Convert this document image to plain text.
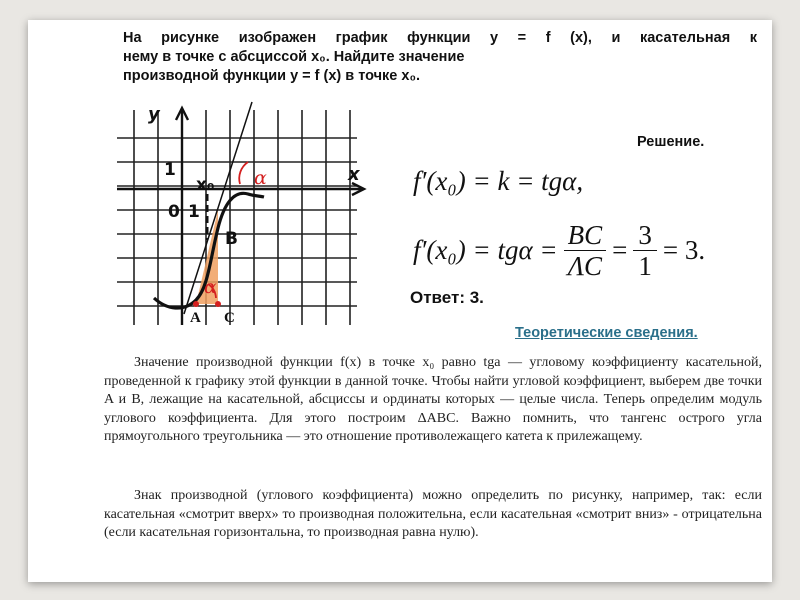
На рисунке изображен график функции y = f (x), и касательная к
нему в точке с абсциссой x₀. Найдите значение
производной функции y = f (x) в точке x₀.
y
x
1
x₀
0 1
B
A C
α
α
Решение.
f′(x₀) = k = tgα,
$f'(x_0) = tg\alpha = \frac{BC}{\Lambda C} = \frac{3}{1} = 3$.
Ответ: 3.
Теоретические сведения.
Значение производной функции f(x) в точке x₀ равно tga — угловому коэффициенту касательной, проведенной к графику этой функции в данной точке. Чтобы найти угловой коэффициент, выберем две точки A и B, лежащие на касательной, абсциссы и ординаты которых — целые числа. Теперь определим модуль углового коэффициента. Для этого построим ΔABC. Важно помнить, что тангенс острого угла прямоугольного треугольника — это отношение противолежащего катета к прилежащему.
Знак производной (углового коэффициента) можно определить по рисунку, например, так: если касательная «смотрит вверх» то производная положительна, если касательная «смотрит вниз» - отрицательна (если касательная горизонтальна, то производная равна нулю).
